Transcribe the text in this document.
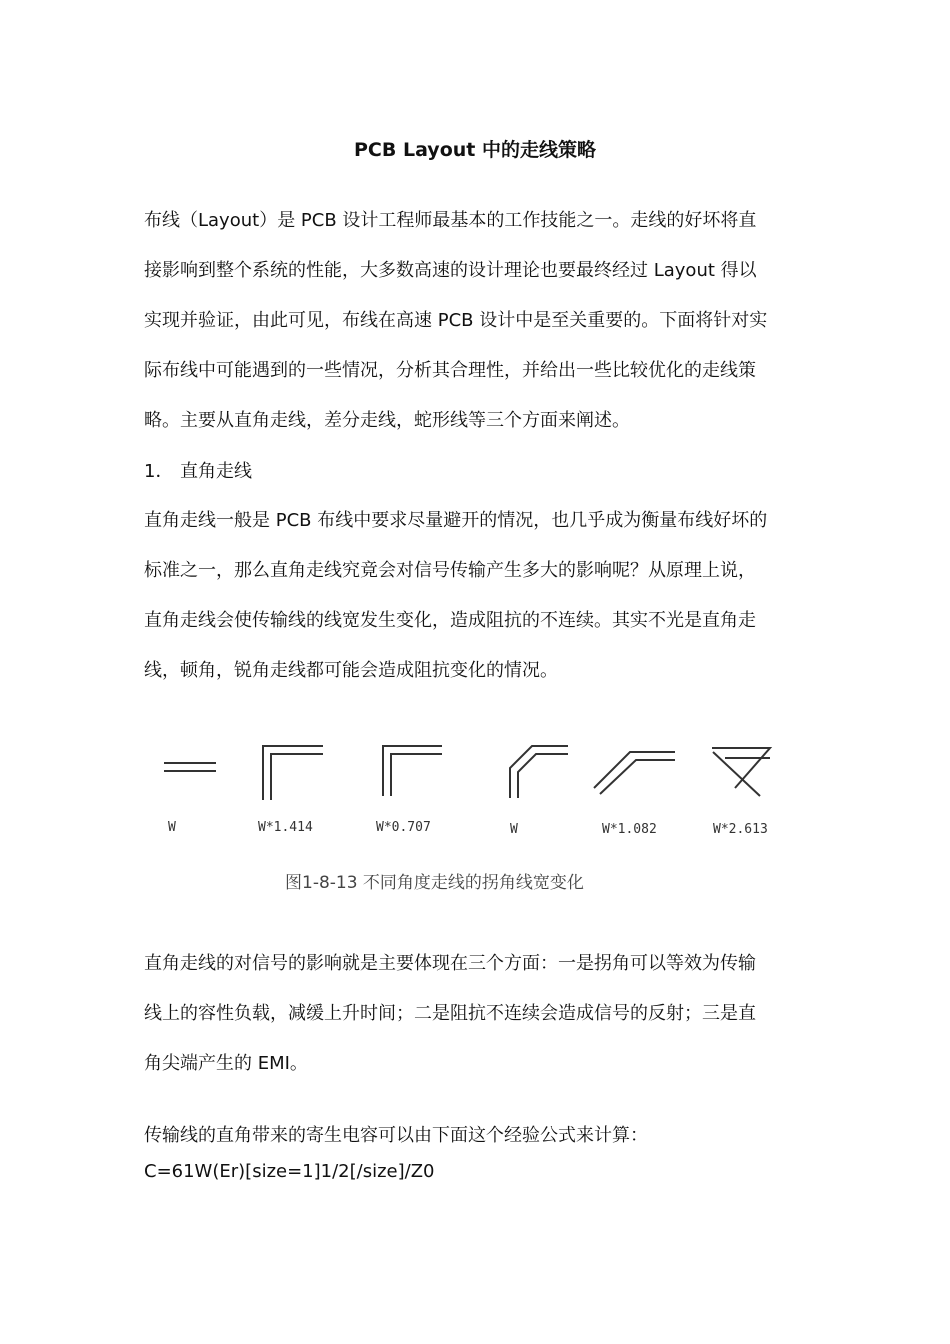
PCB Layout 中的走线策略
布线（Layout）是 PCB 设计工程师最基本的工作技能之一。走线的好坏将直
接影响到整个系统的性能，大多数高速的设计理论也要最终经过 Layout 得以
实现并验证，由此可见，布线在高速 PCB 设计中是至关重要的。下面将针对实
际布线中可能遇到的一些情况，分析其合理性，并给出一些比较优化的走线策
略。主要从直角走线，差分走线，蛇形线等三个方面来阐述。
1． 直角走线
直角走线一般是 PCB 布线中要求尽量避开的情况，也几乎成为衡量布线好坏的
标准之一，那么直角走线究竟会对信号传输产生多大的影响呢？从原理上说，
直角走线会使传输线的线宽发生变化，造成阻抗的不连续。其实不光是直角走
线，顿角，锐角走线都可能会造成阻抗变化的情况。
W	W*1.414	W*0.707	W	W*1.082	W*2.613
图1-8-13 不同角度走线的拐角线宽变化
直角走线的对信号的影响就是主要体现在三个方面：一是拐角可以等效为传输
线上的容性负载，减缓上升时间；二是阻抗不连续会造成信号的反射；三是直
角尖端产生的 EMI。
传输线的直角带来的寄生电容可以由下面这个经验公式来计算：
C=61W(Er)[size=1]1/2[/size]/Z0
